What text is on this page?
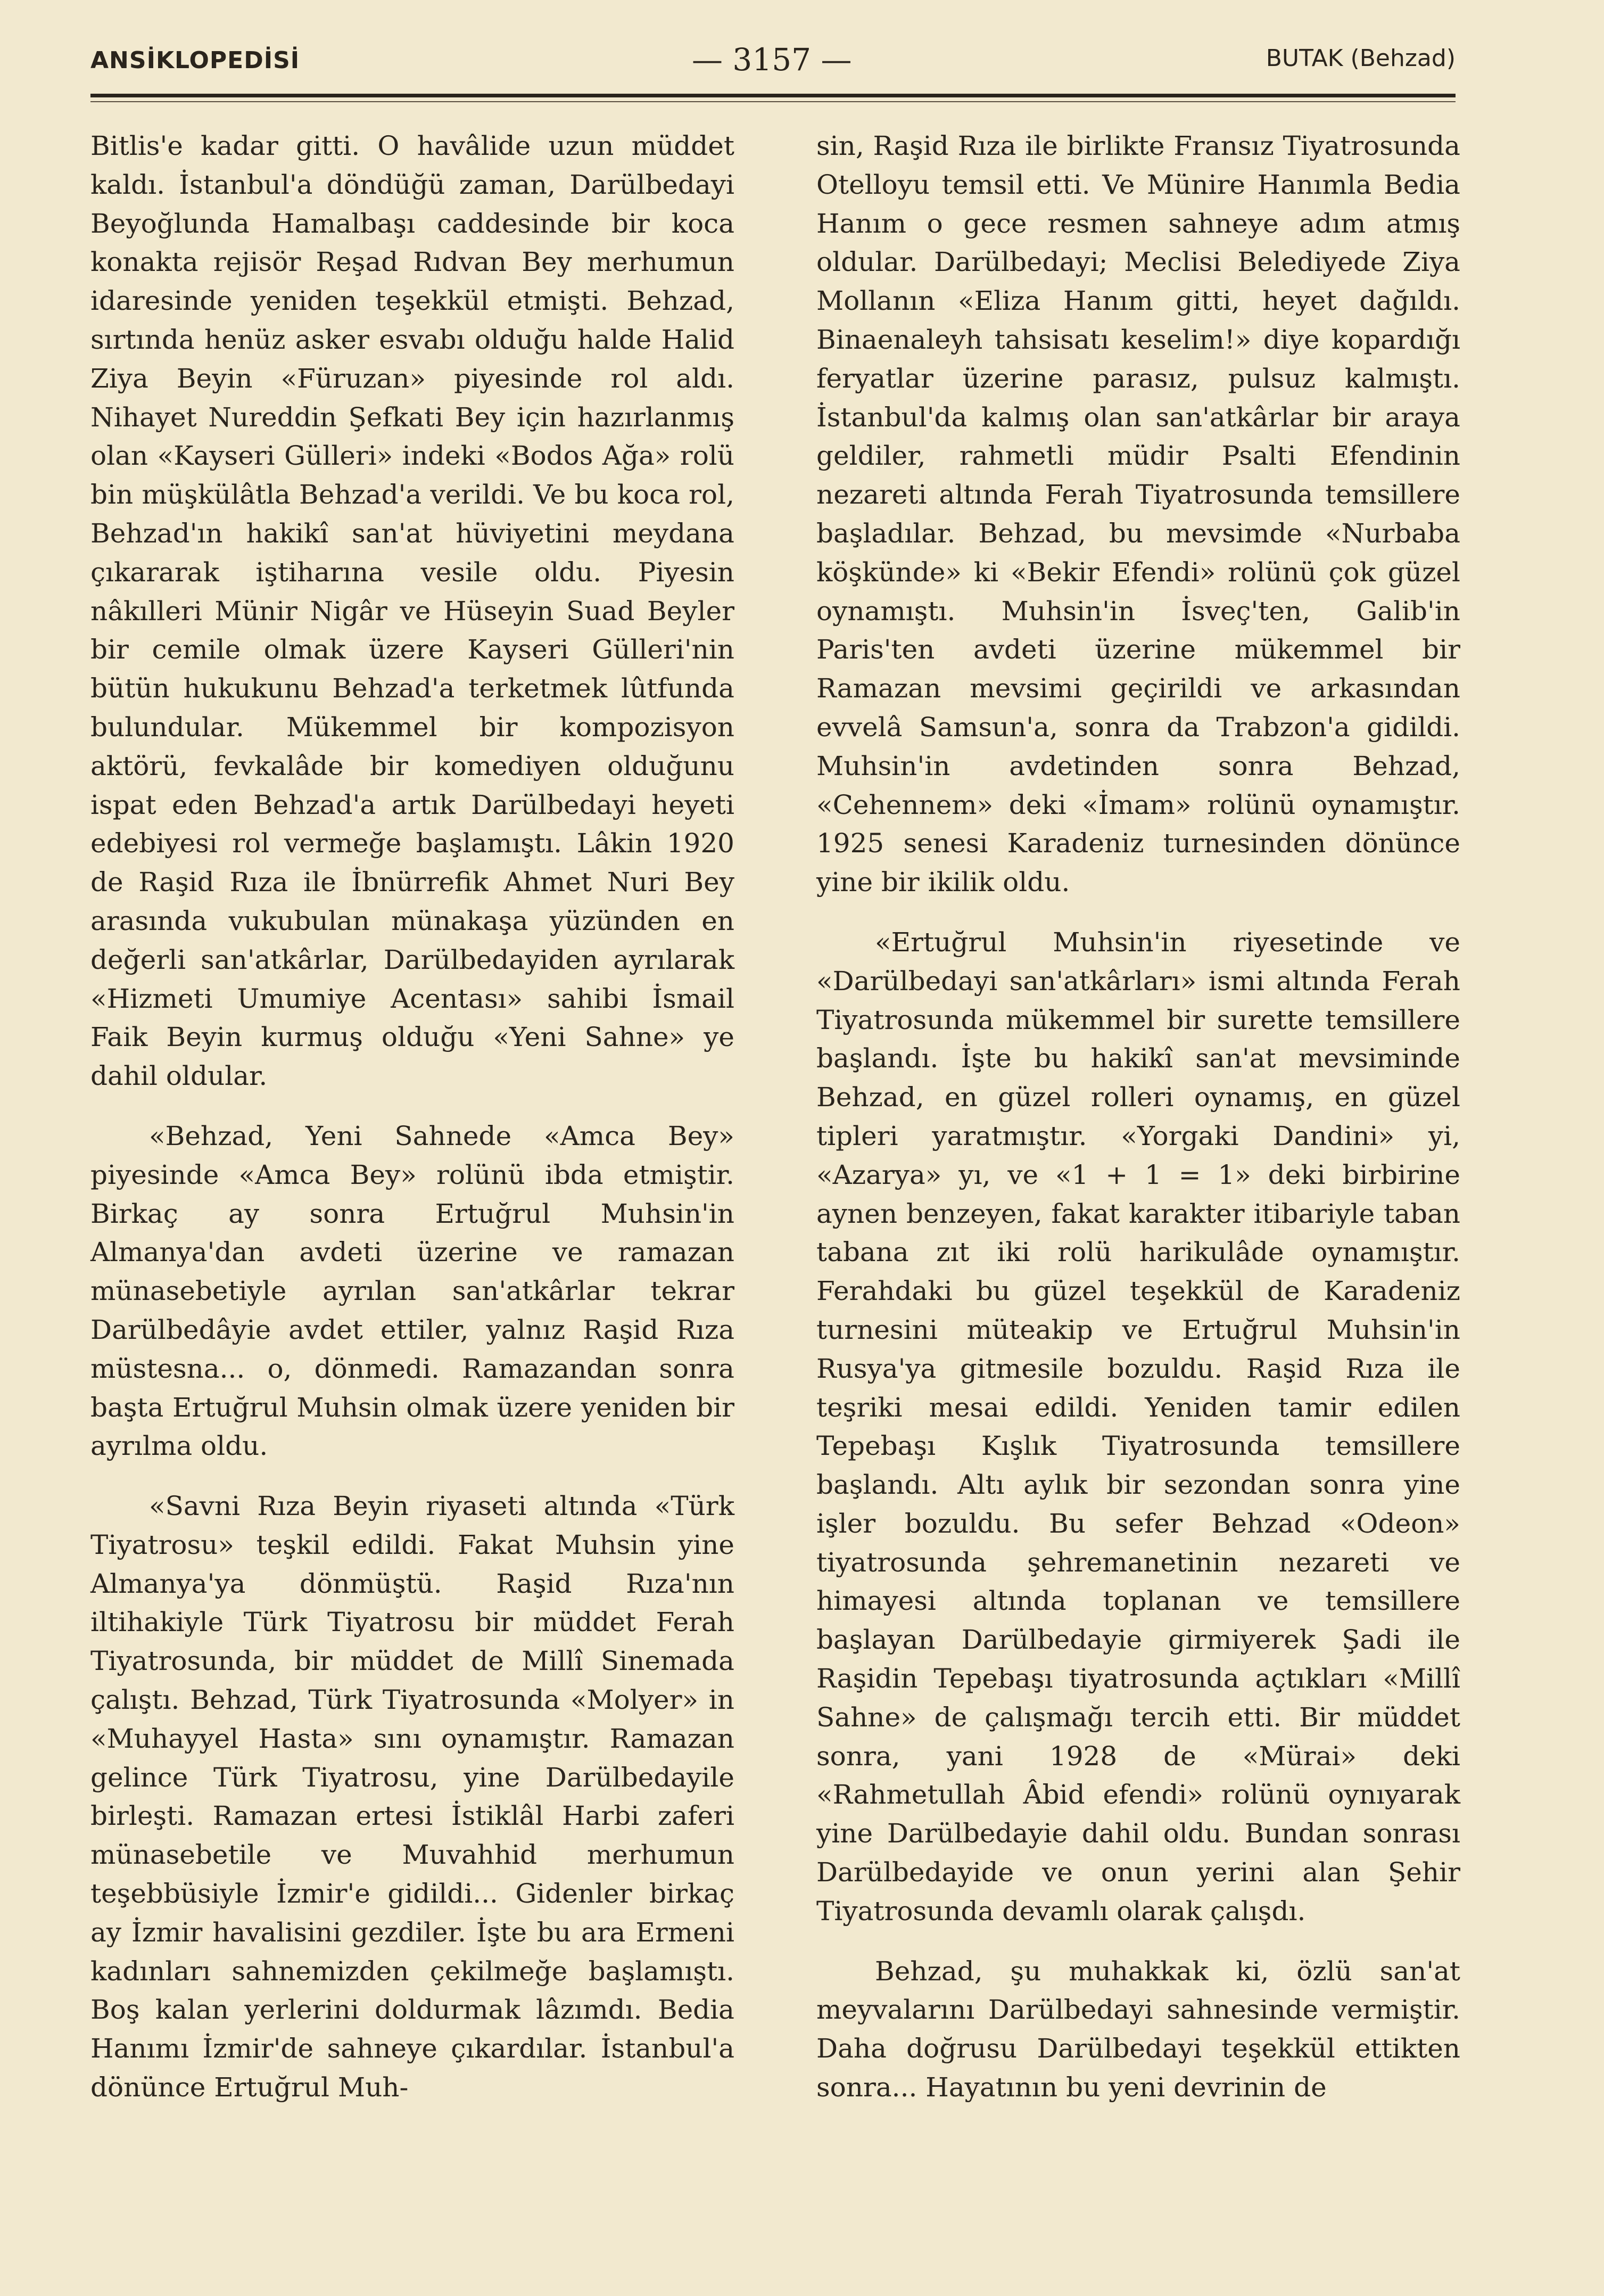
ANSİKLOPEDİSİ	— 3157 —	BUTAK (Behzad)

Bitlis'e kadar gitti. O havâlide uzun müddet kaldı. İstanbul'a döndüğü zaman, Darülbedayi Beyoğlunda Hamalbaşı caddesinde bir koca konakta rejisör Reşad Rıdvan Bey merhumun idaresinde yeniden teşekkül etmişti. Behzad, sırtında henüz asker esvabı olduğu halde Halid Ziya Beyin «Füruzan» piyesinde rol aldı. Nihayet Nureddin Şefkati Bey için hazırlanmış olan «Kayseri Gülleri» indeki «Bodos Ağa» rolü bin müşkülâtla Behzad'a verildi. Ve bu koca rol, Behzad'ın hakikî san'at hüviyetini meydana çıkararak iştiharına vesile oldu. Piyesin nâkılleri Münir Nigâr ve Hüseyin Suad Beyler bir cemile olmak üzere Kayseri Gülleri'nin bütün hukukunu Behzad'a terketmek lûtfunda bulundular. Mükemmel bir kompozisyon aktörü, fevkalâde bir komediyen olduğunu ispat eden Behzad'a artık Darülbedayi heyeti edebiyesi rol vermeğe başlamıştı. Lâkin 1920 de Raşid Rıza ile İbnürrefik Ahmet Nuri Bey arasında vukubulan münakaşa yüzünden en değerli san'atkârlar, Darülbedayiden ayrılarak «Hizmeti Umumiye Acentası» sahibi İsmail Faik Beyin kurmuş olduğu «Yeni Sahne» ye dahil oldular.

«Behzad, Yeni Sahnede «Amca Bey» piyesinde «Amca Bey» rolünü ibda etmiştir. Birkaç ay sonra Ertuğrul Muhsin'in Almanya'dan avdeti üzerine ve ramazan münasebetiyle ayrılan san'atkârlar tekrar Darülbedâyie avdet ettiler, yalnız Raşid Rıza müstesna... o, dönmedi. Ramazandan sonra başta Ertuğrul Muhsin olmak üzere yeniden bir ayrılma oldu.

«Savni Rıza Beyin riyaseti altında «Türk Tiyatrosu» teşkil edildi. Fakat Muhsin yine Almanya'ya dönmüştü. Raşid Rıza'nın iltihakiyle Türk Tiyatrosu bir müddet Ferah Tiyatrosunda, bir müddet de Millî Sinemada çalıştı. Behzad, Türk Tiyatrosunda «Molyer» in «Muhayyel Hasta» sını oynamıştır. Ramazan gelince Türk Tiyatrosu, yine Darülbedayile birleşti. Ramazan ertesi İstiklâl Harbi zaferi münasebetile ve Muvahhid merhumun teşebbüsiyle İzmir'e gidildi... Gidenler birkaç ay İzmir havalisini gezdiler. İşte bu ara Ermeni kadınları sahnemizden çekilmeğe başlamıştı. Boş kalan yerlerini doldurmak lâzımdı. Bedia Hanımı İzmir'de sahneye çıkardılar. İstanbul'a dönünce Ertuğrul Muh-

sin, Raşid Rıza ile birlikte Fransız Tiyatrosunda Otelloyu temsil etti. Ve Münire Hanımla Bedia Hanım o gece resmen sahneye adım atmış oldular. Darülbedayi; Meclisi Belediyede Ziya Mollanın «Eliza Hanım gitti, heyet dağıldı. Binaenaleyh tahsisatı keselim!» diye kopardığı feryatlar üzerine parasız, pulsuz kalmıştı. İstanbul'da kalmış olan san'atkârlar bir araya geldiler, rahmetli müdir Psalti Efendinin nezareti altında Ferah Tiyatrosunda temsillere başladılar. Behzad, bu mevsimde «Nurbaba köşkünde» ki «Bekir Efendi» rolünü çok güzel oynamıştı. Muhsin'in İsveç'ten, Galib'in Paris'ten avdeti üzerine mükemmel bir Ramazan mevsimi geçirildi ve arkasından evvelâ Samsun'a, sonra da Trabzon'a gidildi. Muhsin'in avdetinden sonra Behzad, «Cehennem» deki «İmam» rolünü oynamıştır. 1925 senesi Karadeniz turnesinden dönünce yine bir ikilik oldu.

«Ertuğrul Muhsin'in riyesetinde ve «Darülbedayi san'atkârları» ismi altında Ferah Tiyatrosunda mükemmel bir surette temsillere başlandı. İşte bu hakikî san'at mevsiminde Behzad, en güzel rolleri oynamış, en güzel tipleri yaratmıştır. «Yorgaki Dandini» yi, «Azarya» yı, ve «1 + 1 = 1» deki birbirine aynen benzeyen, fakat karakter itibariyle taban tabana zıt iki rolü harikulâde oynamıştır. Ferahdaki bu güzel teşekkül de Karadeniz turnesini müteakip ve Ertuğrul Muhsin'in Rusya'ya gitmesile bozuldu. Raşid Rıza ile teşriki mesai edildi. Yeniden tamir edilen Tepebaşı Kışlık Tiyatrosunda temsillere başlandı. Altı aylık bir sezondan sonra yine işler bozuldu. Bu sefer Behzad «Odeon» tiyatrosunda şehremanetinin nezareti ve himayesi altında toplanan ve temsillere başlayan Darülbedayie girmiyerek Şadi ile Raşidin Tepebaşı tiyatrosunda açtıkları «Millî Sahne» de çalışmağı tercih etti. Bir müddet sonra, yani 1928 de «Mürai» deki «Rahmetullah Âbid efendi» rolünü oynıyarak yine Darülbedayie dahil oldu. Bundan sonrası Darülbedayide ve onun yerini alan Şehir Tiyatrosunda devamlı olarak çalışdı.

Behzad, şu muhakkak ki, özlü san'at meyvalarını Darülbedayi sahnesinde vermiştir. Daha doğrusu Darülbedayi teşekkül ettikten sonra... Hayatının bu yeni devrinin de
